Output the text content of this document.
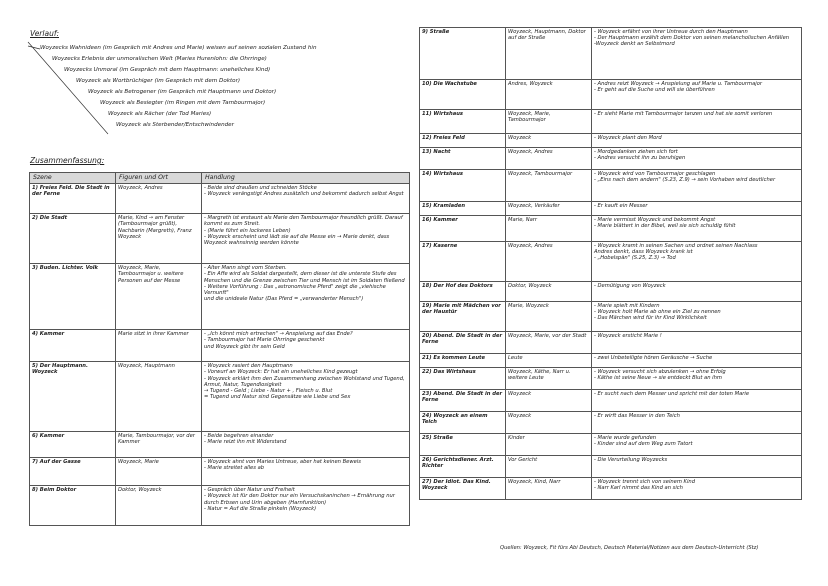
Verlauf:
Woyzecks Wahnideen (im Gespräch mit Andres und Marie) weisen auf seinen sozialen Zustand hin
Woyzecks Erlebnis der unmoralischen Welt (Maries Hurenlohn: die Ohrringe)
Woyzecks Unmoral (im Gespräch mit dem Hauptmann: uneheliches Kind)
Woyzeck als Wortbrüchiger (im Gespräch mit dem Doktor)
Woyzeck als Betrogener (im Gespräch mit Hauptmann und Doktor)
Woyzeck als Besiegter (im Ringen mit dem Tambourmajor)
Woyzeck als Rächer (der Tod Maries)
Woyzeck als Sterbender/Entschwindender
Zusammenfassung:
Szene	Figuren und Ort	Handlung
1) Freies Feld. Die Stadt in der Ferne	Woyzeck, Andres	- Beide sind draußen und schneiden Stöcke
- Woyzeck verängstigt Andres zusätzlich und bekommt dadurch selbst Angst

2) Die Stadt	Marie, Kind → am Fenster (Tambourmajor grüßt), Nachbarin (Margreth), Franz Woyzeck	- Margreth ist erstaunt als Marie den Tambourmajor freundlich grüßt. Darauf kommt es zum Streit.
- (Marie führt ein lockeres Leben)
- Woyzeck erscheint und lädt sie auf die Messe ein → Marie denkt, dass Woyzeck wahnsinnig werden könnte

3) Buden. Lichter. Volk	Woyzeck, Marie, Tambourmajor u. weitere Personen auf der Messe	- Alter Mann singt vom Sterben.
- Ein Affe wird als Soldat dargestellt, dem dieser ist die unterste Stufe des Menschen und die Grenze zwischen Tier und Mensch ist im Soldaten fließend
- Weitere Vorführung : Das „astronomische Pferd" zeigt die „viehische Vernunft"
und die unideale Natur (Das Pferd = „verwanderter Mensch")

4) Kammer	Marie sitzt in ihrer Kammer	- „Ich könnt mich ertrechen" → Anspielung auf das Ende?
- Tambourmajor hat Marie Ohrringe geschenkt
und Woyzeck gibt ihr sein Geld

5) Der Hauptmann. Woyzeck	Woyzeck, Hauptmann	- Woyzeck rasiert den Hauptmann
- Vorwurf an Woyzeck: Er hat ein uneheliches Kind gezeugt
- Woyzeck erklärt ihm den Zusammenhang zwischen Wohlstand und Tugend, Armut, Natur, Tugendlosigkeit
→ Tugend - Geld ; Liebe - Natur + , Fleisch u. Blut
= Tugend und Natur sind Gegensätze wie Liebe und Sex

6) Kammer	Marie, Tambourmajor, vor der Kammer	- Beide begehren einander
- Marie reizt ihn mit Widerstand

7) Auf der Gasse	Woyzeck, Marie	- Woyzeck ahnt von Maries Untreue, aber hat keinen Beweis
- Marie streitet alles ab

8) Beim Doktor	Doktor, Woyzeck	- Gespräch über Natur und Freiheit
- Woyzeck ist für den Doktor nur ein Versuchskaninchen → Ernährung nur durch Erbsen und Urin abgeben (Harnfunktion)
- Natur = Auf die Straße pinkeln (Woyzeck)
9) Straße	Woyzeck, Hauptmann, Doktor auf der Straße	- Woyzeck erfährt von ihrer Untreue durch den Hauptmann
- Der Hauptmann erzählt dem Doktor von seinen melancholischen Anfällen
-Woyzeck denkt an Selbstmord

10) Die Wachstube	Andres, Woyzeck	- Andres reizt Woyzeck → Anspielung auf Marie u. Tambourmajor
- Er geht auf die Suche und will sie überführen

11) Wirtshaus	Woyzeck, Marie, Tambourmajor	- Er sieht Marie mit Tambourmajor tanzen und hat sie somit verloren

12) Freies Feld	Woyzeck	- Woyzeck plant den Mord

13) Nacht	Woyzeck, Andres	- Mordgedanken ziehen sich fort
- Andres versucht ihn zu beruhigen

14) Wirtshaus	Woyzeck, Tambourmajor	- Woyzeck wird von Tambourmajor geschlagen
- „Eins nach dem andern" (S.23, Z.9) → sein Vorhaben wird deutlicher

15) Kramladen	Woyzeck, Verkäufer	- Er kauft ein Messer

16) Kammer	Marie, Narr	- Marie vermisst Woyzeck und bekommt Angst
- Marie blättert in der Bibel, weil sie sich schuldig fühlt

17) Kaserne	Woyzeck, Andres	- Woyzeck kramt in seinen Sachen und ordnet seinen Nachlass
Andres denkt, dass Woyzeck krank ist
- „Hobelspän" (S.25, Z.3) → Tod

18) Der Hof des Doktors	Doktor, Woyzeck	- Demütigung von Woyzeck

19) Marie mit Mädchen vor der Haustür	Marie, Woyzeck	- Marie spielt mit Kindern
- Woyzeck holt Marie ab ohne ein Ziel zu nennen
- Das Märchen wird für ihr Kind Wirklichkeit

20) Abend. Die Stadt in der Ferne	Woyzeck, Marie, vor der Stadt	- Woyzeck ersticht Marie !

21) Es kommen Leute	Leute	- zwei Unbeteiligte hören Geräusche → Suche

22) Das Wirtshaus	Woyzeck, Käthe, Narr u. weitere Leute	- Woyzeck versucht sich abzulenken → ohne Erfolg
- Käthe ist seine Neue → sie entdeckt Blut an ihm

23) Abend. Die Stadt in der Ferne	Woyzeck	- Er sucht nach dem Messer und spricht mit der toten Marie

24) Woyzeck an einem Teich	Woyzeck	- Er wirft das Messer in den Teich

25) Straße	Kinder	- Marie wurde gefunden
- Kinder sind auf dem Weg zum Tatort

26) Gerichtsdiener. Arzt. Richter	Vor Gericht	- Die Verurteilung Woyzecks

27) Der Idiot. Das Kind. Woyzeck	Woyzeck, Kind, Narr	- Woyzeck trennt sich von seinem Kind
- Narr Karl nimmt das Kind an sich
Quellen: Woyzeck, Fit fürs Abi Deutsch, Deutsch Material/Notizen aus dem Deutsch-Unterricht (Stz)
